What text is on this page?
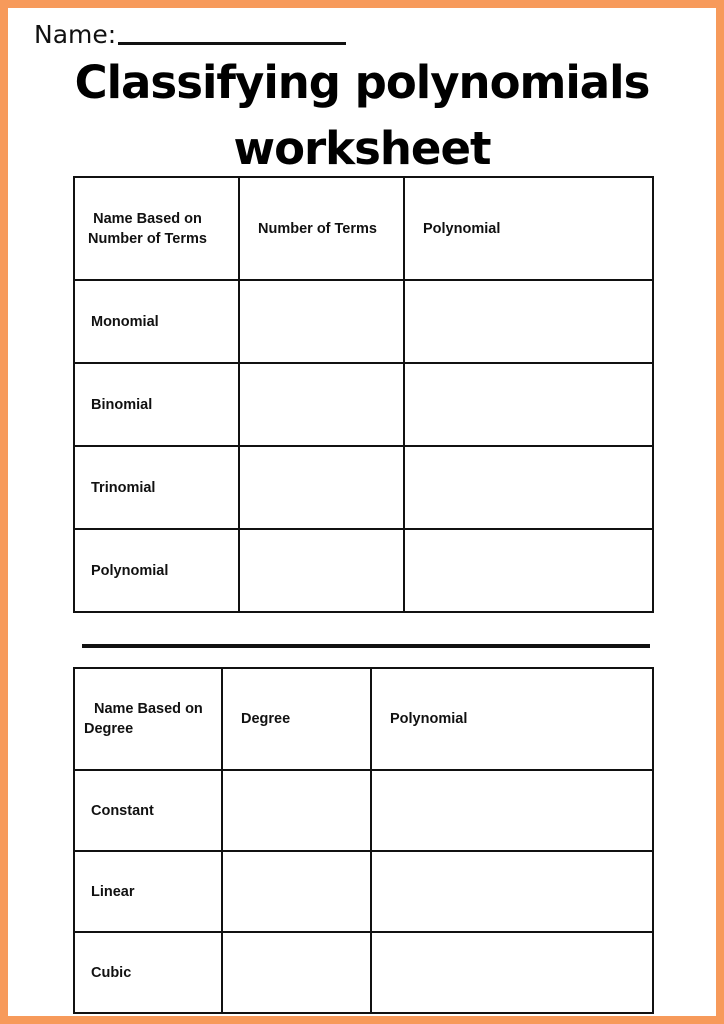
Name:
Classifying polynomials
worksheet
Name Based on
Number of Terms	Number of Terms	Polynomial
Monomial		
Binomial		
Trinomial		
Polynomial		
Name Based on
Degree	Degree	Polynomial
Constant		
Linear		
Cubic		
